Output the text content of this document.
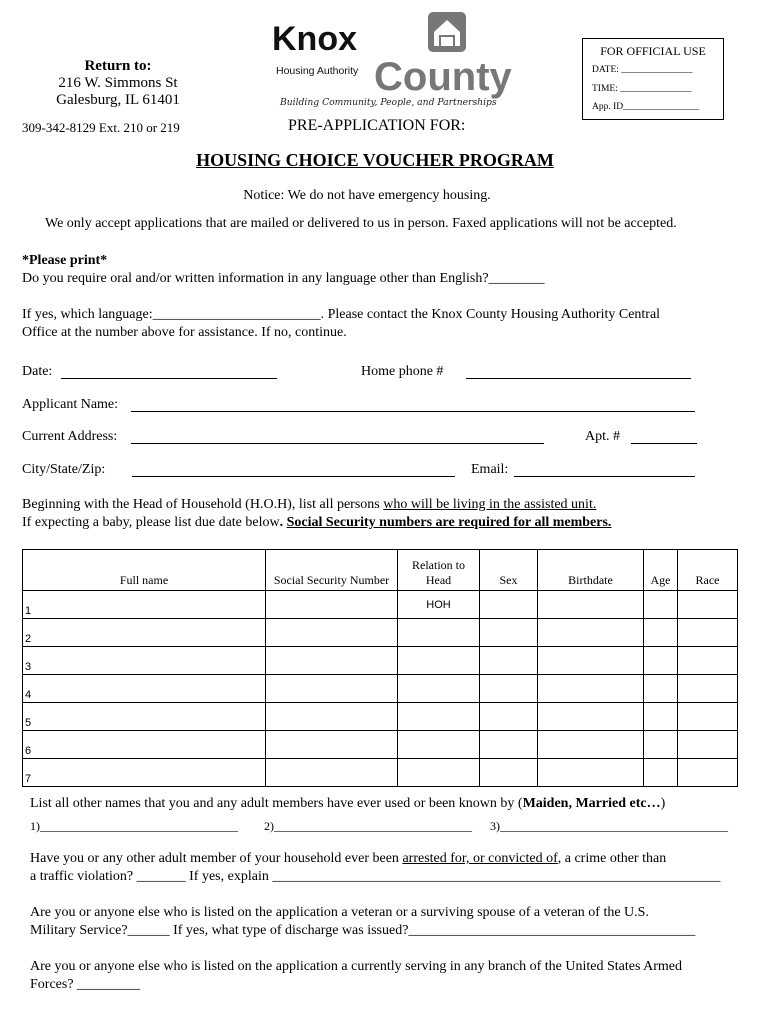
Return to:
216 W. Simmons St
Galesburg, IL 61401
309-342-8129 Ext. 210 or 219
Knox
Housing Authority County
Building Community, People, and Partnerships
PRE-APPLICATION FOR:
FOR OFFICIAL USE
DATE: _______________
TIME: _______________
App. ID________________
HOUSING CHOICE VOUCHER PROGRAM
Notice: We do not have emergency housing.
We only accept applications that are mailed or delivered to us in person. Faxed applications will not be accepted.
*Please print*
Do you require oral and/or written information in any language other than English?________
If yes, which language:________________________. Please contact the Knox County Housing Authority Central
Office at the number above for assistance. If no, continue.
Date:	Home phone #
Applicant Name:
Current Address:	Apt. #
City/State/Zip:	Email:
Beginning with the Head of Household (H.O.H), list all persons who will be living in the assisted unit.
If expecting a baby, please list due date below. Social Security numbers are required for all members.
Full name	Social Security Number	Relation to Head	Sex	Birthdate	Age	Race
1		HOH				
2						
3						
4						
5						
6						
7						
List all other names that you and any adult members have ever used or been known by (Maiden, Married etc…)
1)_________________________________ 2)_________________________________ 3)______________________________________
Have you or any other adult member of your household ever been arrested for, or convicted of, a crime other than
a traffic violation? _______ If yes, explain ________________________________________________________________
Are you or anyone else who is listed on the application a veteran or a surviving spouse of a veteran of the U.S.
Military Service?______ If yes, what type of discharge was issued?_________________________________________
Are you or anyone else who is listed on the application a currently serving in any branch of the United States Armed
Forces? _________
